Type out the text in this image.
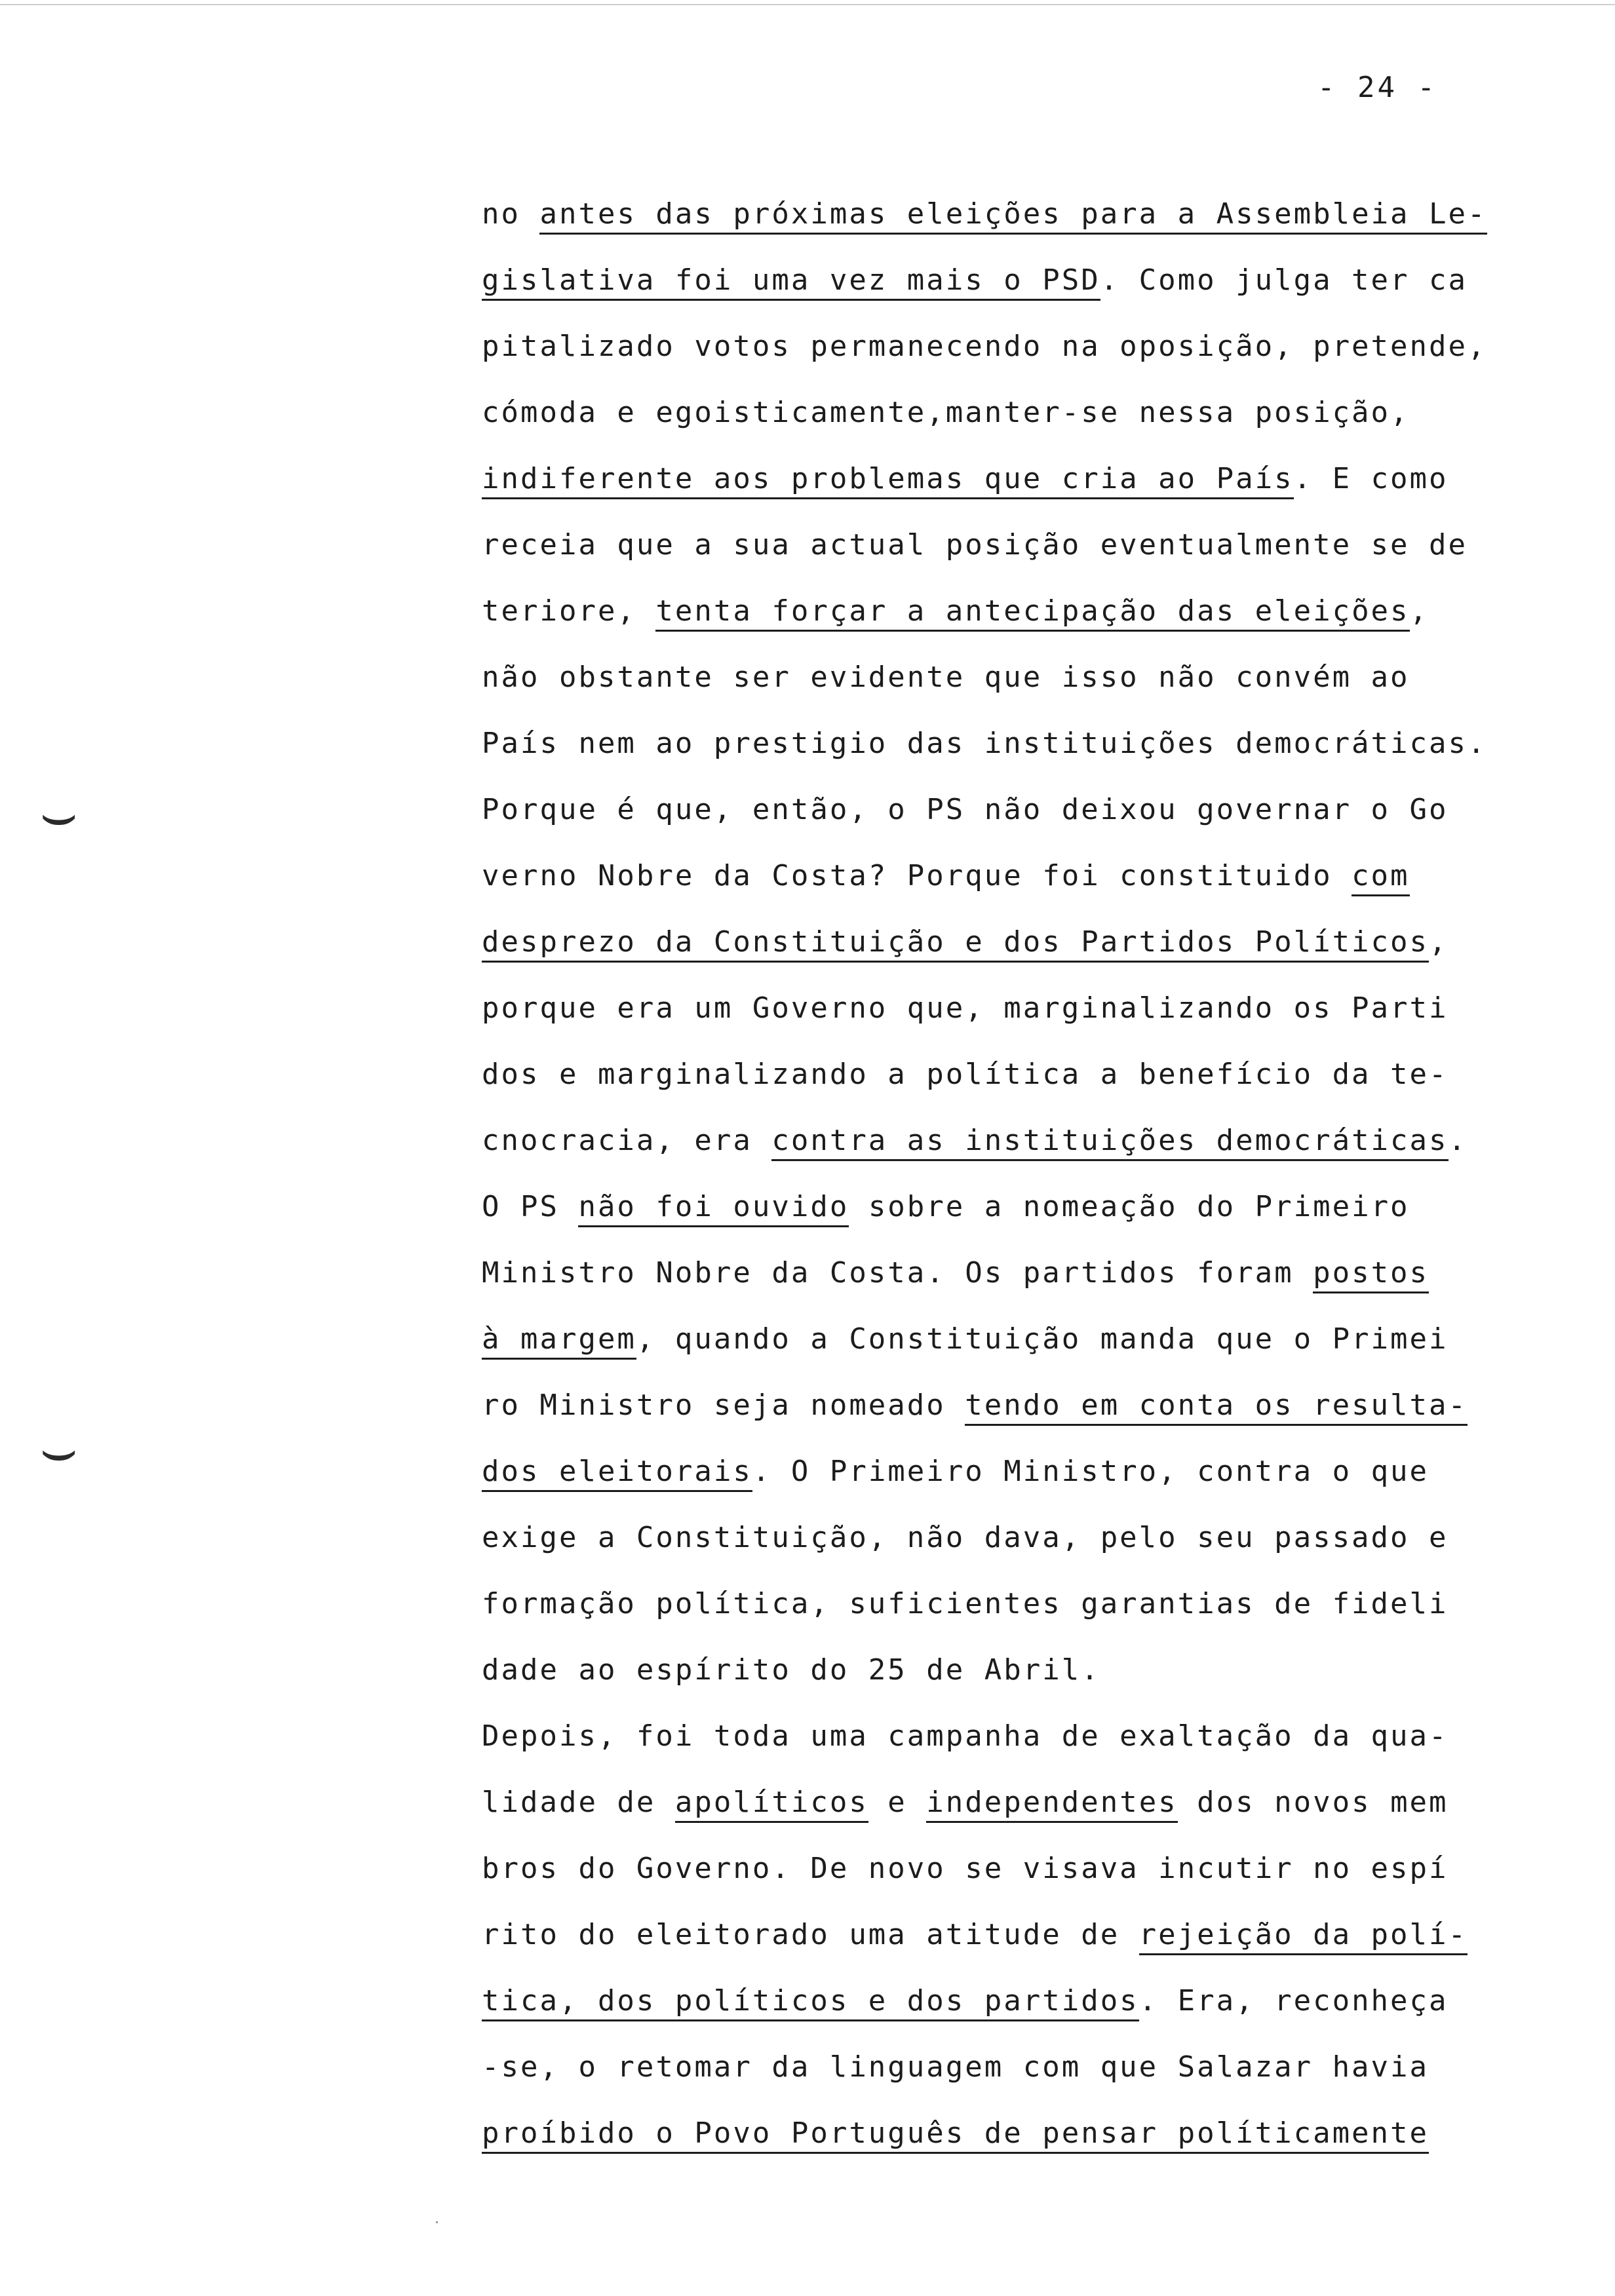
- 24 -
⌣
⌣
no antes das próximas eleições para a Assembleia Le-
gislativa foi uma vez mais o PSD. Como julga ter ca
pitalizado votos permanecendo na oposição, pretende,
cómoda e egoisticamente,manter-se nessa posição,
indiferente aos problemas que cria ao País. E como
receia que a sua actual posição eventualmente se de
teriore, tenta forçar a antecipação das eleições,
não obstante ser evidente que isso não convém ao
País nem ao prestigio das instituições democráticas.
Porque é que, então, o PS não deixou governar o Go
verno Nobre da Costa? Porque foi constituido com
desprezo da Constituição e dos Partidos Políticos,
porque era um Governo que, marginalizando os Parti
dos e marginalizando a política a benefício da te-
cnocracia, era contra as instituições democráticas.
O PS não foi ouvido sobre a nomeação do Primeiro
Ministro Nobre da Costa. Os partidos foram postos
à margem, quando a Constituição manda que o Primei
ro Ministro seja nomeado tendo em conta os resulta-
dos eleitorais. O Primeiro Ministro, contra o que
exige a Constituição, não dava, pelo seu passado e
formação política, suficientes garantias de fideli
dade ao espírito do 25 de Abril.
Depois, foi toda uma campanha de exaltação da qua-
lidade de apolíticos e independentes dos novos mem
bros do Governo. De novo se visava incutir no espí
rito do eleitorado uma atitude de rejeição da polí-
tica, dos políticos e dos partidos. Era, reconheça
-se, o retomar da linguagem com que Salazar havia
proíbido o Povo Português de pensar políticamente
